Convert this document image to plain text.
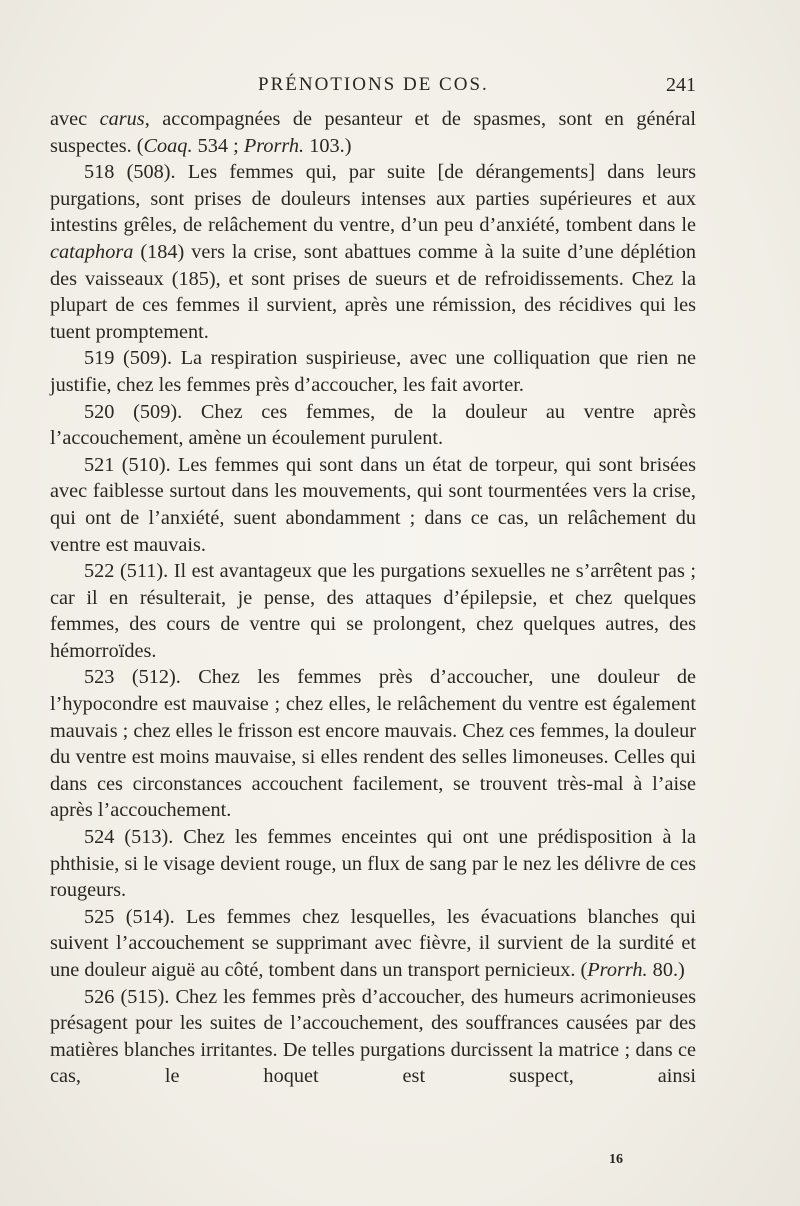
PRÉNOTIONS DE COS.	241

avec carus, accompagnées de pesanteur et de spasmes, sont en général suspectes. (Coaq. 534 ; Prorrh. 103.)

518 (508). Les femmes qui, par suite [de dérangements] dans leurs purgations, sont prises de douleurs intenses aux parties supérieures et aux intestins grêles, de relâchement du ventre, d’un peu d’anxiété, tombent dans le cataphora (184) vers la crise, sont abattues comme à la suite d’une déplétion des vaisseaux (185), et sont prises de sueurs et de refroidissements. Chez la plupart de ces femmes il survient, après une rémission, des récidives qui les tuent promptement.

519 (509). La respiration suspirieuse, avec une colliquation que rien ne justifie, chez les femmes près d’accoucher, les fait avorter.

520 (509). Chez ces femmes, de la douleur au ventre après l’accouchement, amène un écoulement purulent.

521 (510). Les femmes qui sont dans un état de torpeur, qui sont brisées avec faiblesse surtout dans les mouvements, qui sont tourmentées vers la crise, qui ont de l’anxiété, suent abondamment ; dans ce cas, un relâchement du ventre est mauvais.

522 (511). Il est avantageux que les purgations sexuelles ne s’arrêtent pas ; car il en résulterait, je pense, des attaques d’épilepsie, et chez quelques femmes, des cours de ventre qui se prolongent, chez quelques autres, des hémorroïdes.

523 (512). Chez les femmes près d’accoucher, une douleur de l’hypocondre est mauvaise ; chez elles, le relâchement du ventre est également mauvais ; chez elles le frisson est encore mauvais. Chez ces femmes, la douleur du ventre est moins mauvaise, si elles rendent des selles limoneuses. Celles qui dans ces circonstances accouchent facilement, se trouvent très-mal à l’aise après l’accouchement.

524 (513). Chez les femmes enceintes qui ont une prédisposition à la phthisie, si le visage devient rouge, un flux de sang par le nez les délivre de ces rougeurs.

525 (514). Les femmes chez lesquelles, les évacuations blanches qui suivent l’accouchement se supprimant avec fièvre, il survient de la surdité et une douleur aiguë au côté, tombent dans un transport pernicieux. (Prorrh. 80.)

526 (515). Chez les femmes près d’accoucher, des humeurs acrimonieuses présagent pour les suites de l’accouchement, des souffrances causées par des matières blanches irritantes. De telles purgations durcissent la matrice ; dans ce cas, le hoquet est suspect, ainsi

16
